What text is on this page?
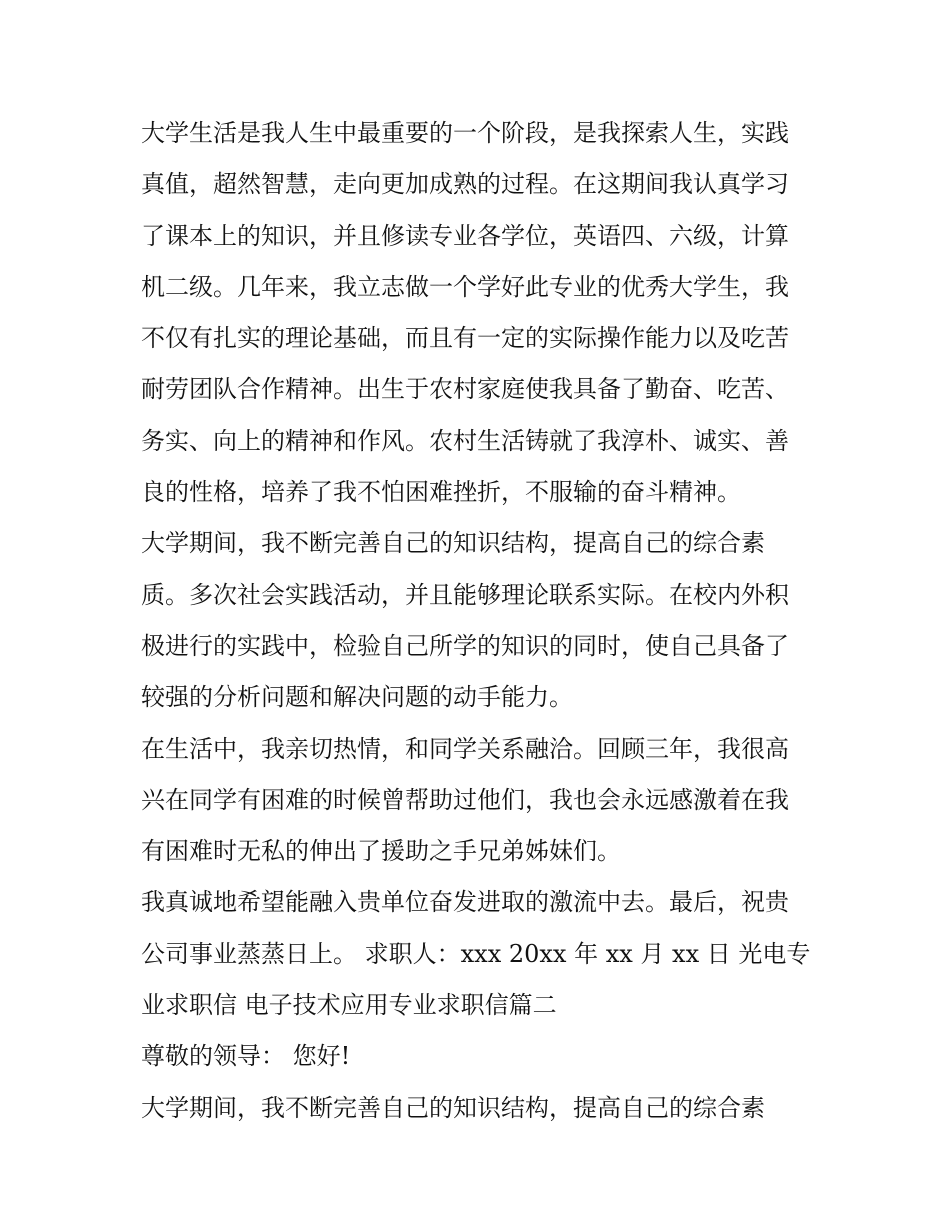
大学生活是我人生中最重要的一个阶段，是我探索人生，实践
真值，超然智慧，走向更加成熟的过程。在这期间我认真学习
了课本上的知识，并且修读专业各学位，英语四、六级，计算
机二级。几年来，我立志做一个学好此专业的优秀大学生，我
不仅有扎实的理论基础，而且有一定的实际操作能力以及吃苦
耐劳团队合作精神。出生于农村家庭使我具备了勤奋、吃苦、
务实、向上的精神和作风。农村生活铸就了我淳朴、诚实、善
良的性格，培养了我不怕困难挫折，不服输的奋斗精神。
大学期间，我不断完善自己的知识结构，提高自己的综合素
质。多次社会实践活动，并且能够理论联系实际。在校内外积
极进行的实践中，检验自己所学的知识的同时，使自己具备了
较强的分析问题和解决问题的动手能力。
在生活中，我亲切热情，和同学关系融洽。回顾三年，我很高
兴在同学有困难的时候曾帮助过他们，我也会永远感激着在我
有困难时无私的伸出了援助之手兄弟姊妹们。
我真诚地希望能融入贵单位奋发进取的激流中去。最后，祝贵
公司事业蒸蒸日上。 求职人：xxx 20xx 年 xx 月 xx 日 光电专
业求职信 电子技术应用专业求职信篇二
尊敬的领导： 您好!
大学期间，我不断完善自己的知识结构，提高自己的综合素
